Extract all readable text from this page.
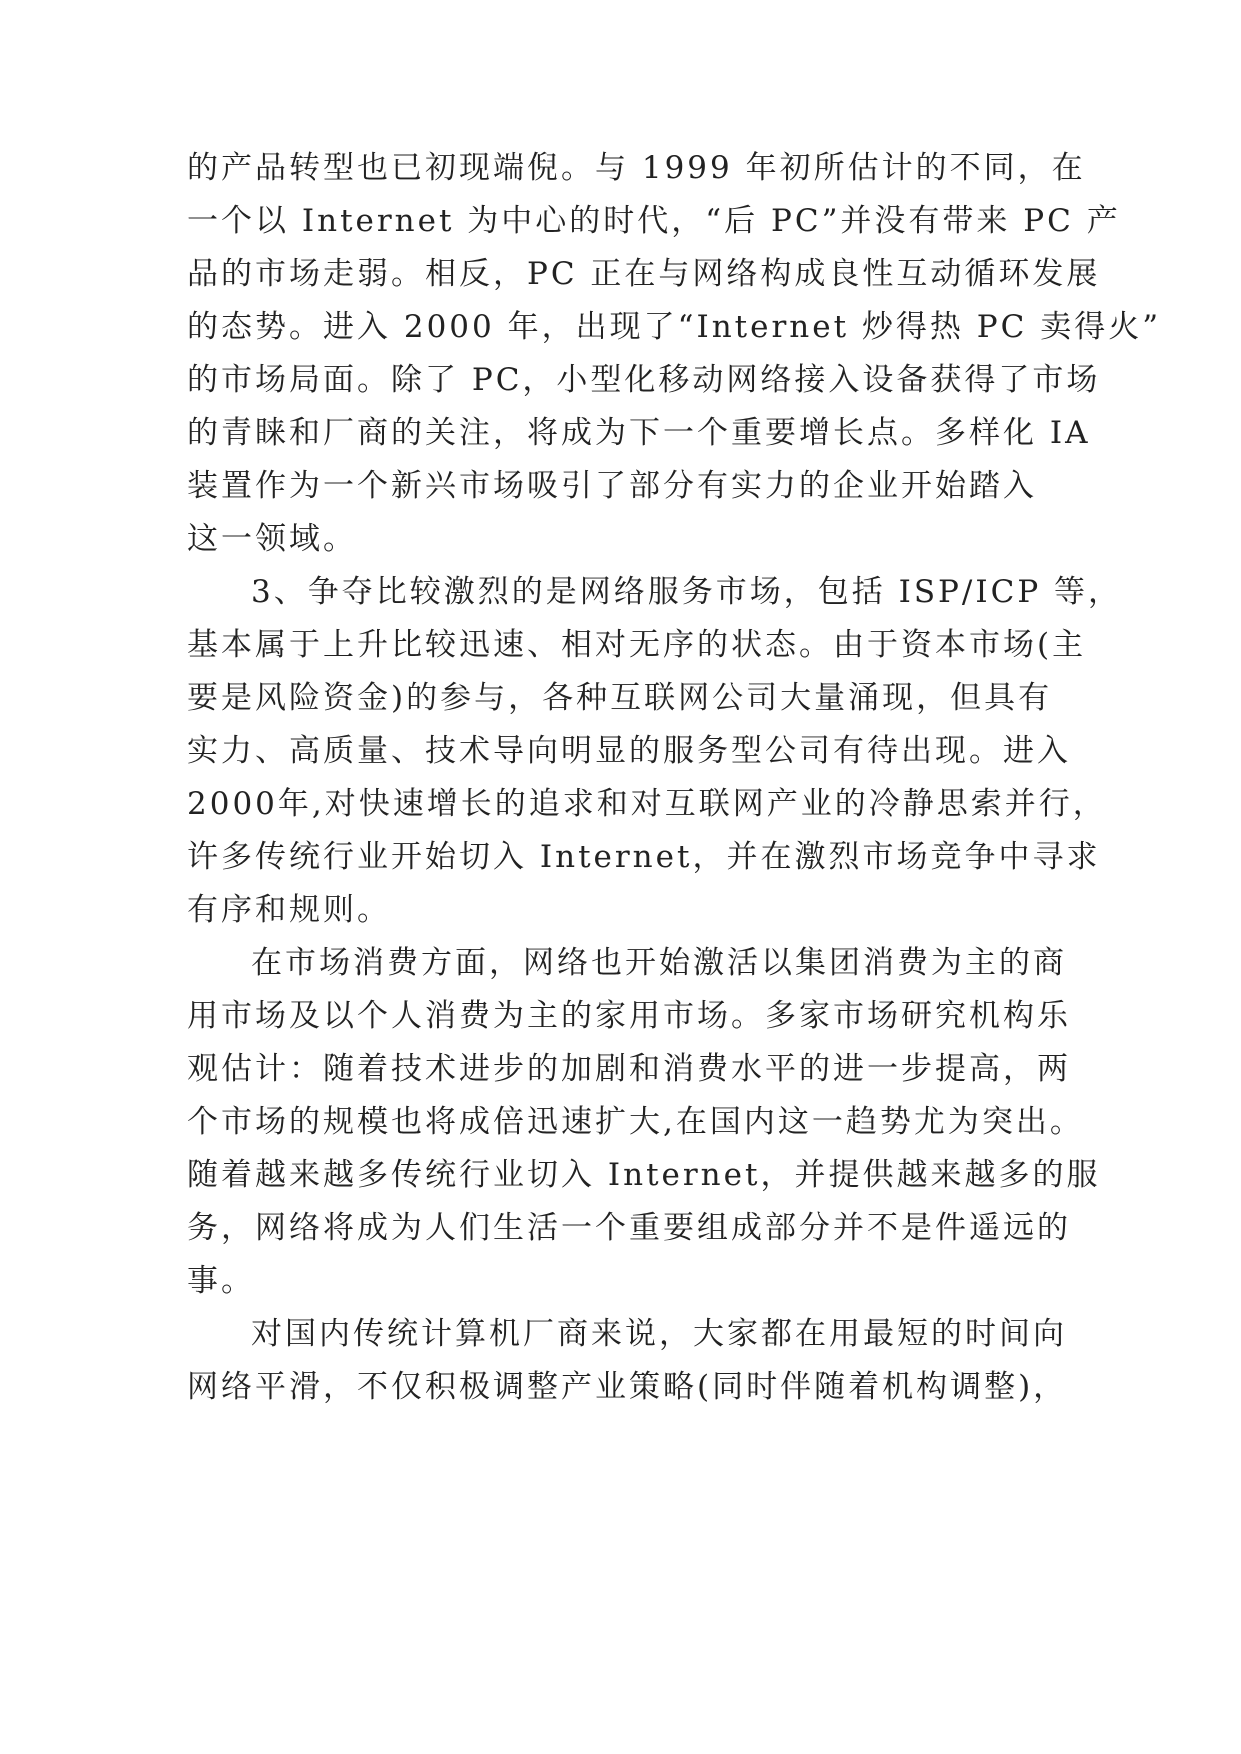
的产品转型也已初现端倪。与 1999 年初所估计的不同，在
一个以 Internet 为中心的时代，“后 PC”并没有带来 PC 产
品的市场走弱。相反，PC 正在与网络构成良性互动循环发展
的态势。进入 2000 年，出现了“Internet 炒得热 PC 卖得火”
的市场局面。除了 PC，小型化移动网络接入设备获得了市场
的青睐和厂商的关注，将成为下一个重要增长点。多样化 IA
装置作为一个新兴市场吸引了部分有实力的企业开始踏入
这一领域。
3、争夺比较激烈的是网络服务市场，包括 ISP/ICP 等，
基本属于上升比较迅速、相对无序的状态。由于资本市场(主
要是风险资金)的参与，各种互联网公司大量涌现，但具有
实力、高质量、技术导向明显的服务型公司有待出现。进入
2000年,对快速增长的追求和对互联网产业的冷静思索并行，
许多传统行业开始切入 Internet，并在激烈市场竞争中寻求
有序和规则。
在市场消费方面，网络也开始激活以集团消费为主的商
用市场及以个人消费为主的家用市场。多家市场研究机构乐
观估计：随着技术进步的加剧和消费水平的进一步提高，两
个市场的规模也将成倍迅速扩大,在国内这一趋势尤为突出。
随着越来越多传统行业切入 Internet，并提供越来越多的服
务，网络将成为人们生活一个重要组成部分并不是件遥远的
事。
对国内传统计算机厂商来说，大家都在用最短的时间向
网络平滑，不仅积极调整产业策略(同时伴随着机构调整)，
